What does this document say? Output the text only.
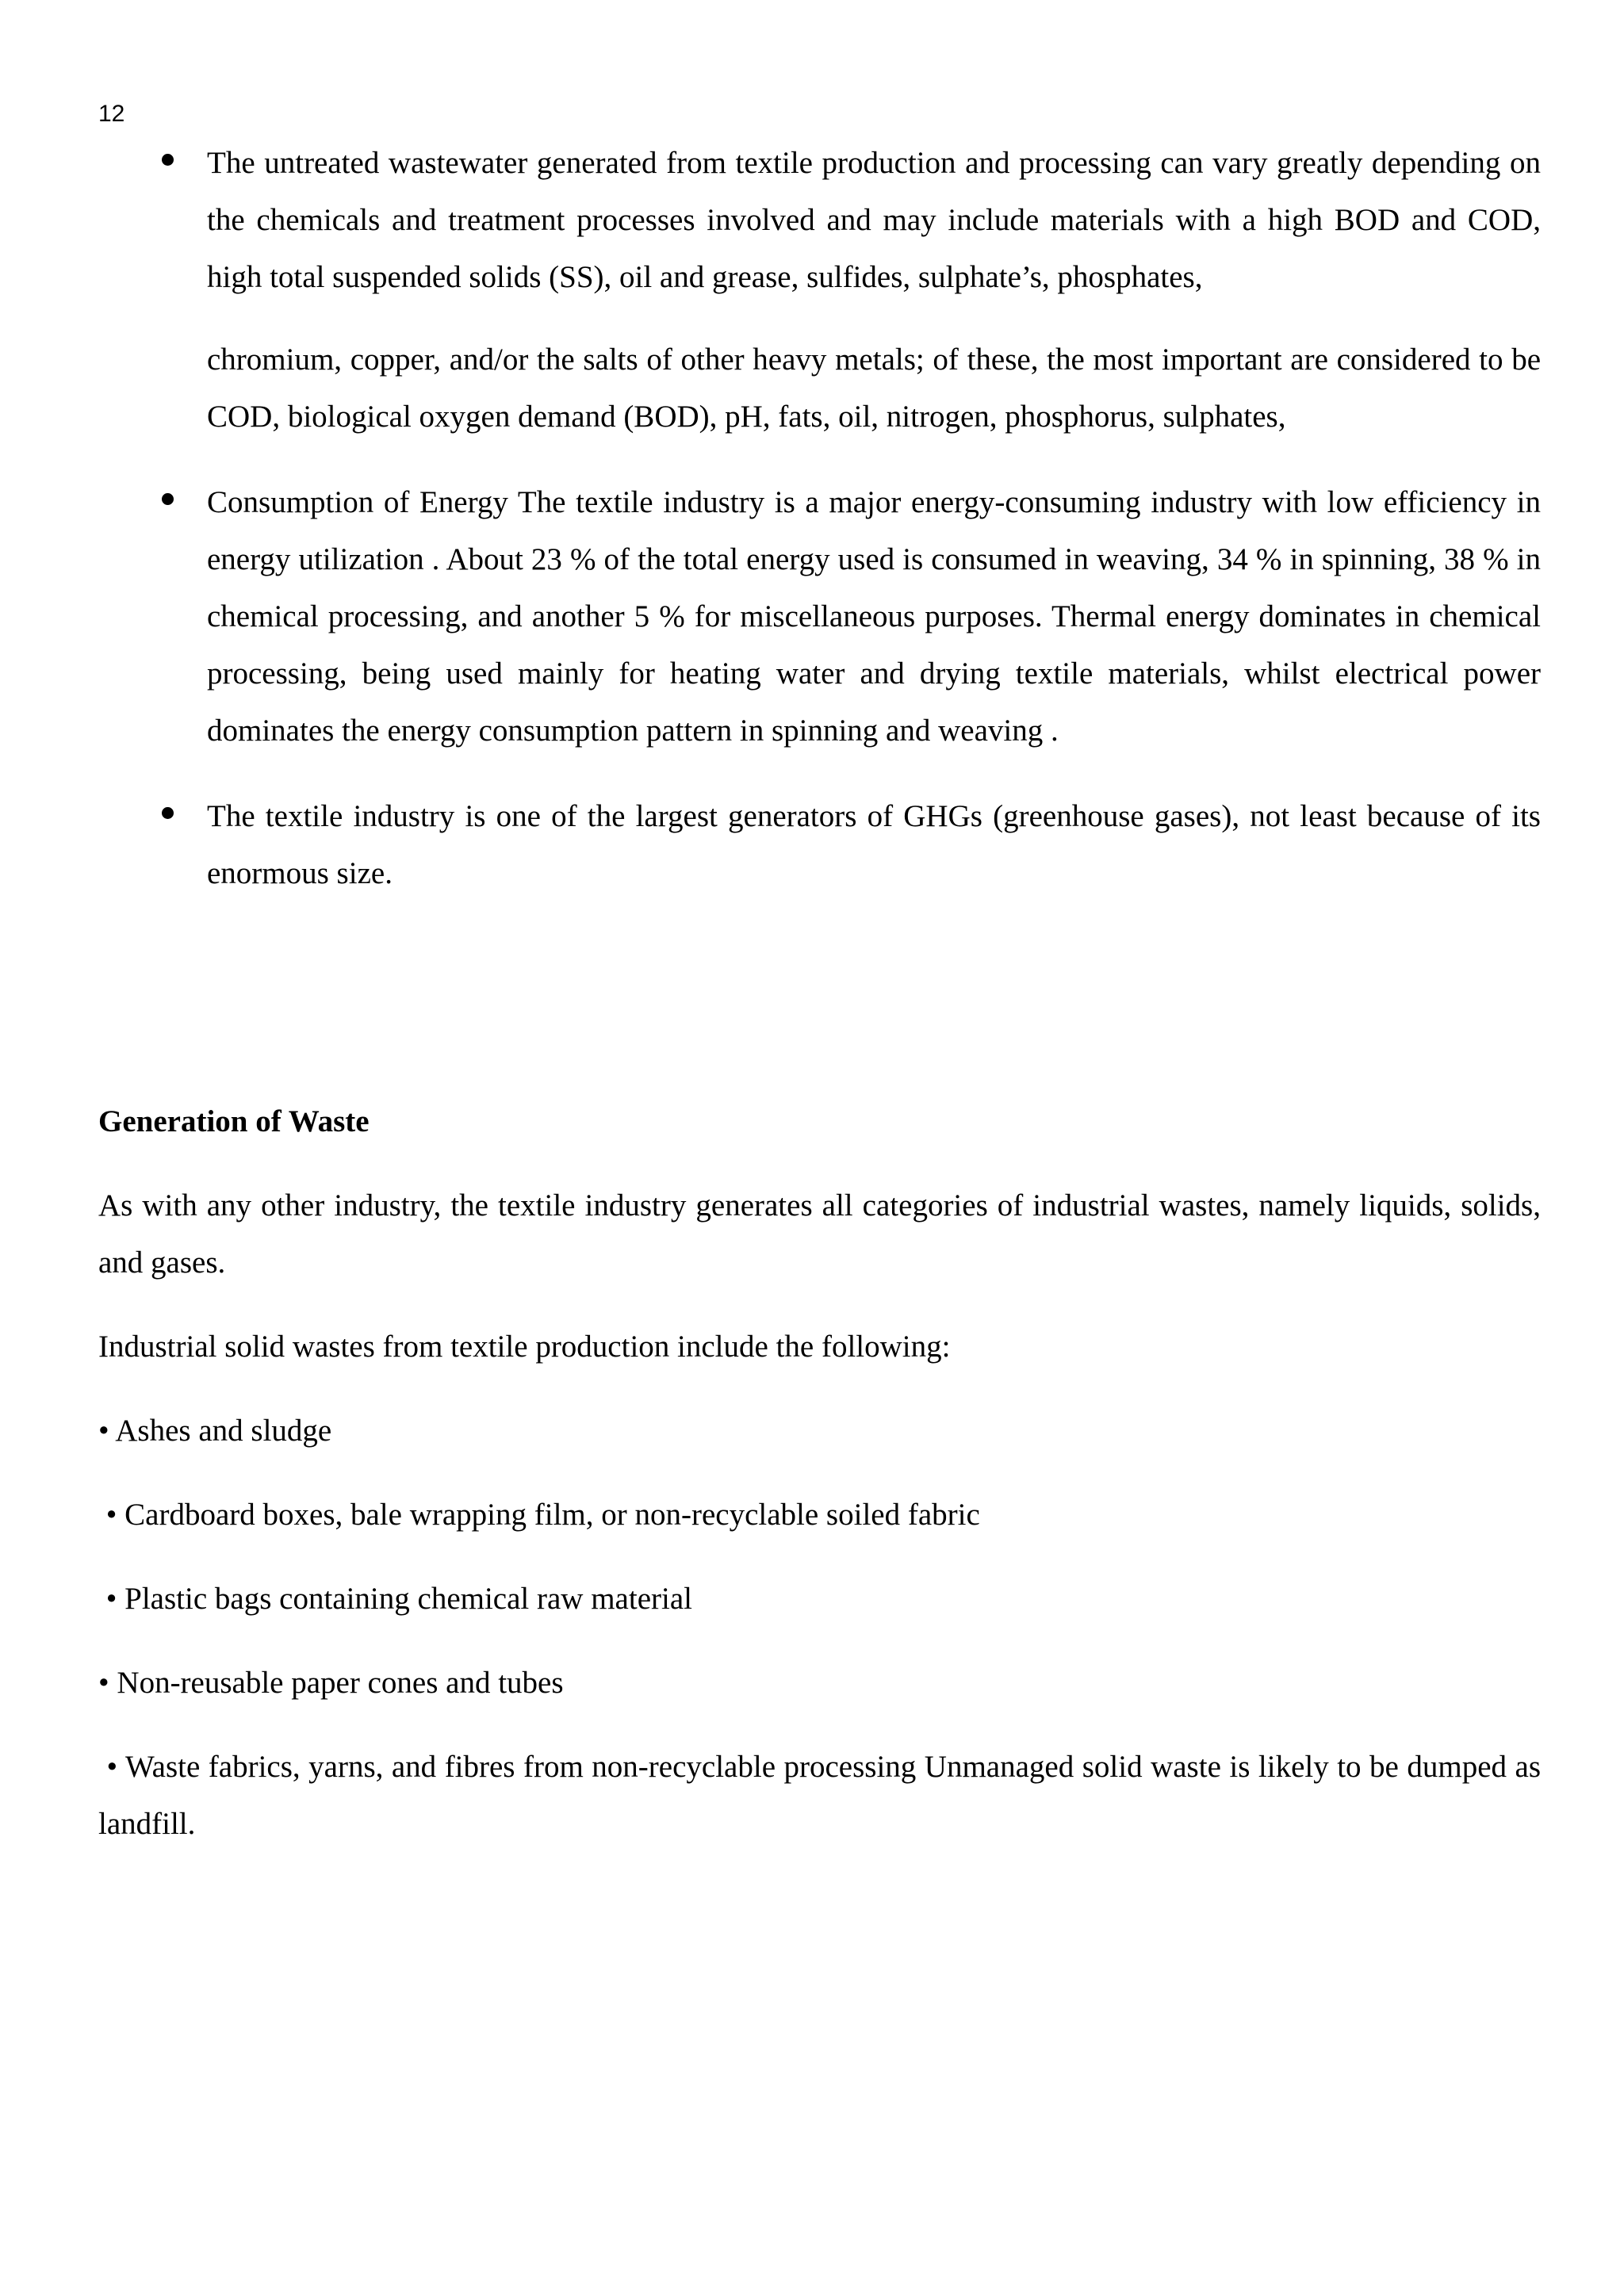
12

The untreated wastewater generated from textile production and processing can vary greatly depending on the chemicals and treatment processes involved and may include materials with a high BOD and COD, high total suspended solids (SS), oil and grease, sulfides, sulphate’s, phosphates,

chromium, copper, and/or the salts of other heavy metals; of these, the most important are considered to be COD, biological oxygen demand (BOD), pH, fats, oil, nitrogen, phosphorus, sulphates,

Consumption of Energy The textile industry is a major energy-consuming industry with low efficiency in energy utilization . About 23 % of the total energy used is consumed in weaving, 34 % in spinning, 38 % in chemical processing, and another 5 % for miscellaneous purposes. Thermal energy dominates in chemical processing, being used mainly for heating water and drying textile materials, whilst electrical power dominates the energy consumption pattern in spinning and weaving .

The textile industry is one of the largest generators of GHGs (greenhouse gases), not least because of its enormous size.

Generation of Waste

As with any other industry, the textile industry generates all categories of industrial wastes, namely liquids, solids, and gases.

Industrial solid wastes from textile production include the following:

• Ashes and sludge

• Cardboard boxes, bale wrapping film, or non-recyclable soiled fabric

• Plastic bags containing chemical raw material

• Non-reusable paper cones and tubes

• Waste fabrics, yarns, and fibres from non-recyclable processing Unmanaged solid waste is likely to be dumped as landfill.
